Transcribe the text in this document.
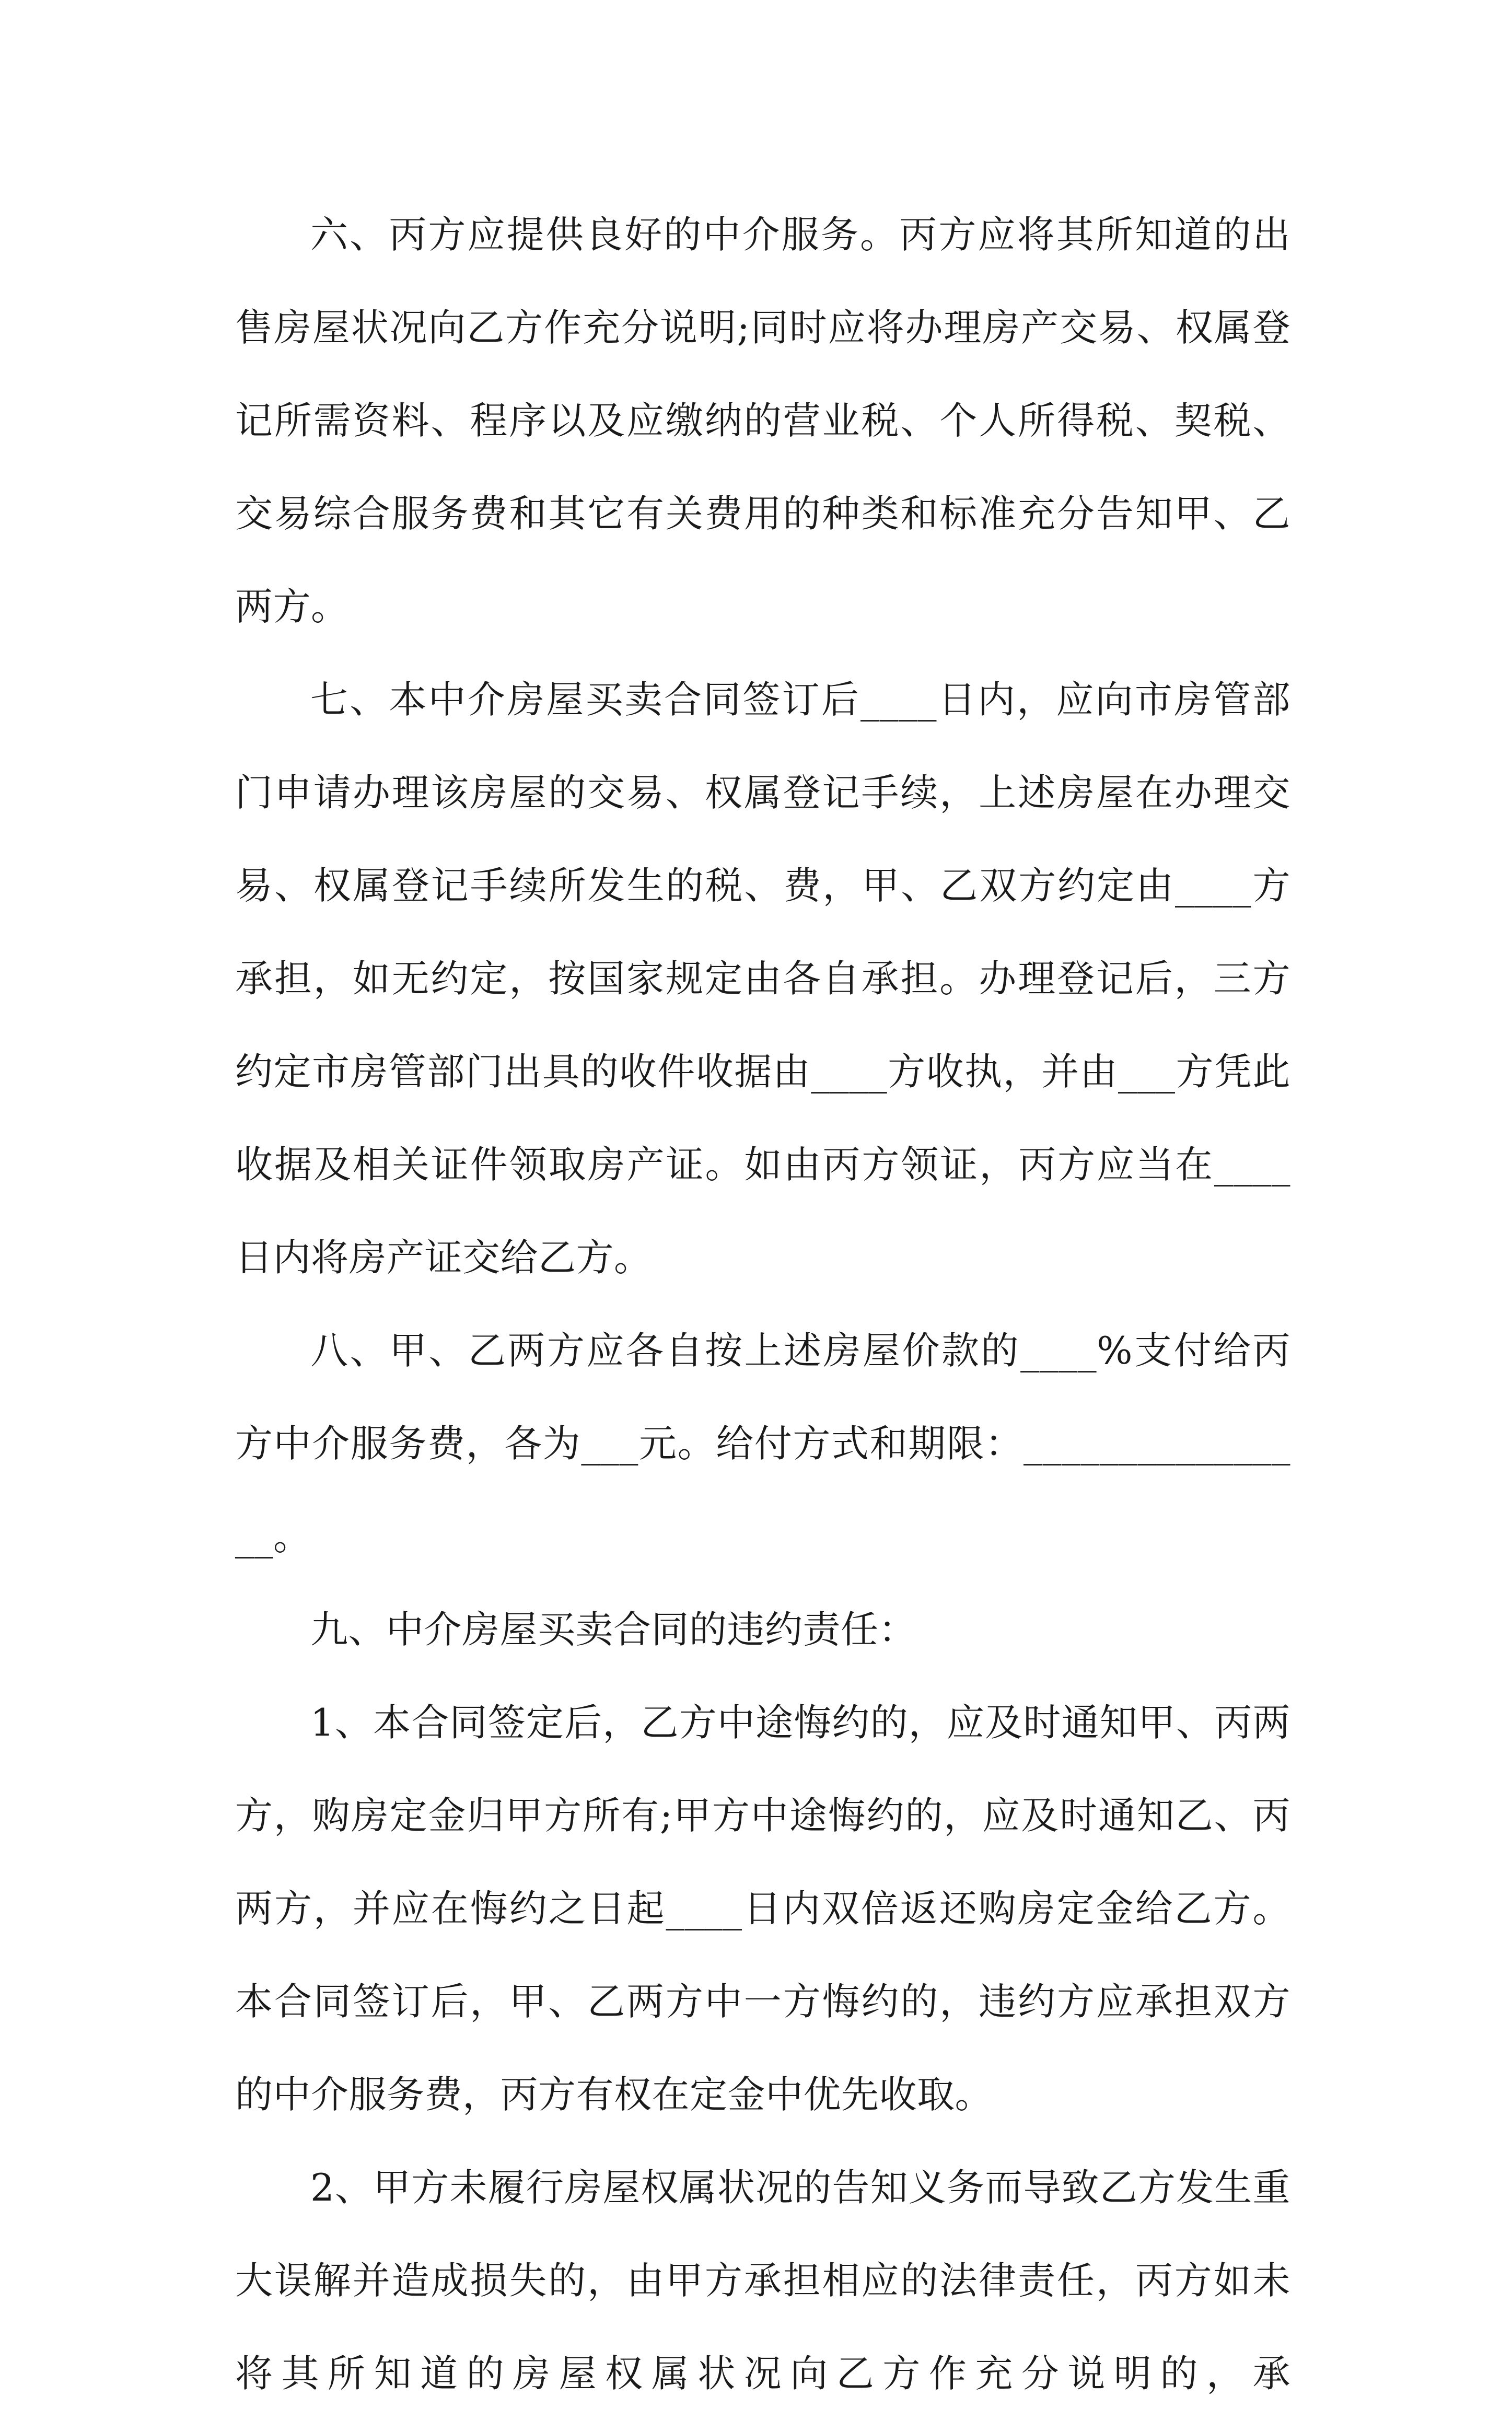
六、丙方应提供良好的中介服务。丙方应将其所知道的出售房屋状况向乙方作充分说明;同时应将办理房产交易、权属登记所需资料、程序以及应缴纳的营业税、个人所得税、契税、交易综合服务费和其它有关费用的种类和标准充分告知甲、乙两方。

七、本中介房屋买卖合同签订后____日内，应向市房管部门申请办理该房屋的交易、权属登记手续，上述房屋在办理交易、权属登记手续所发生的税、费，甲、乙双方约定由____方承担，如无约定，按国家规定由各自承担。办理登记后，三方约定市房管部门出具的收件收据由____方收执，并由___方凭此收据及相关证件领取房产证。如由丙方领证，丙方应当在____日内将房产证交给乙方。

八、甲、乙两方应各自按上述房屋价款的____%支付给丙方中介服务费，各为___元。给付方式和期限：________________。

九、中介房屋买卖合同的违约责任：

1、本合同签定后，乙方中途悔约的，应及时通知甲、丙两方，购房定金归甲方所有;甲方中途悔约的，应及时通知乙、丙两方，并应在悔约之日起____日内双倍返还购房定金给乙方。本合同签订后，甲、乙两方中一方悔约的，违约方应承担双方的中介服务费，丙方有权在定金中优先收取。

2、甲方未履行房屋权属状况的告知义务而导致乙方发生重大误解并造成损失的，由甲方承担相应的法律责任，丙方如未将其所知道的房屋权属状况向乙方作充分说明的，承
